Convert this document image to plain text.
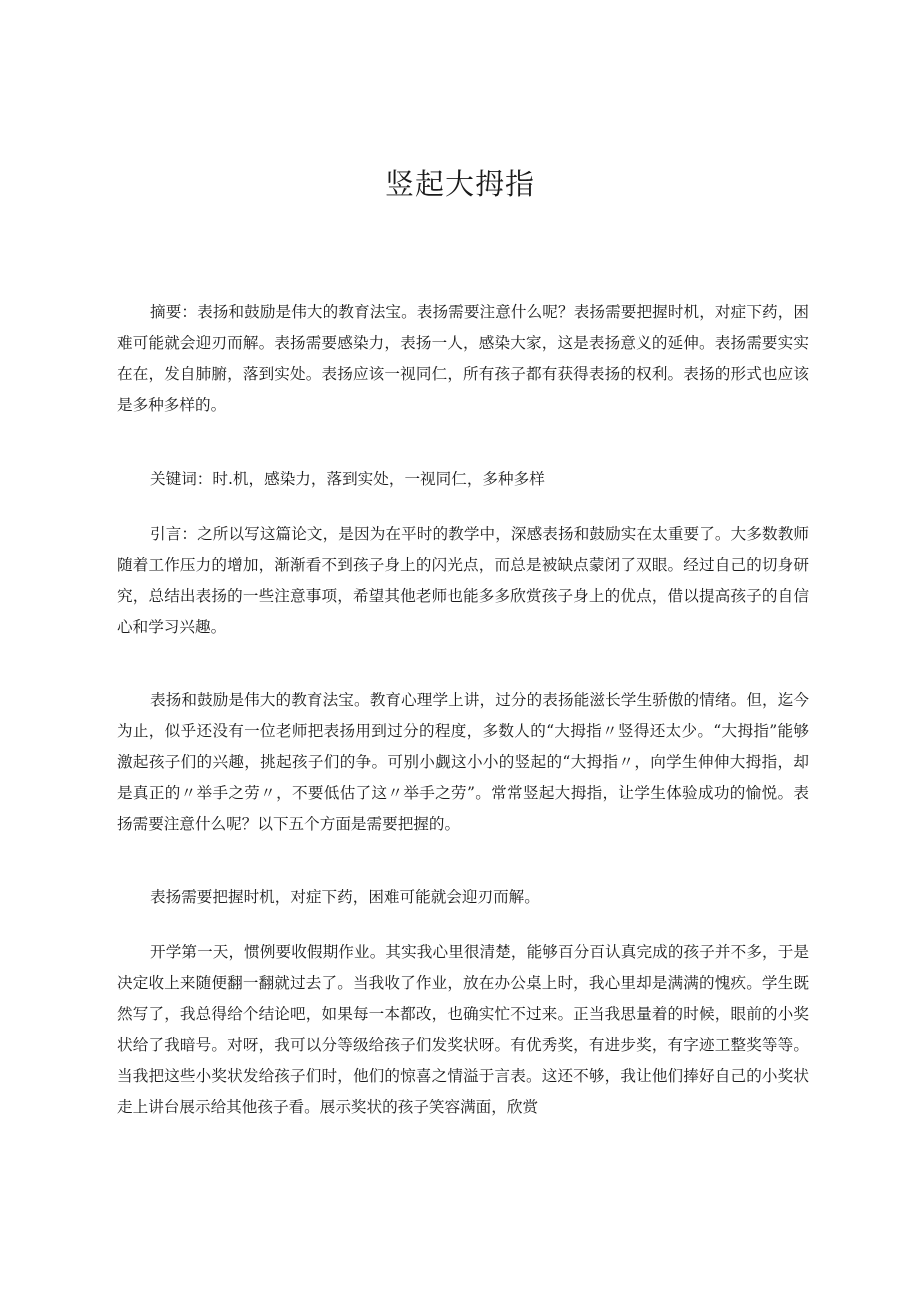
竖起大拇指

摘要：表扬和鼓励是伟大的教育法宝。表扬需要注意什么呢？表扬需要把握时机，对症下药，困难可能就会迎刃而解。表扬需要感染力，表扬一人，感染大家，这是表扬意义的延伸。表扬需要实实在在，发自肺腑，落到实处。表扬应该一视同仁，所有孩子都有获得表扬的权利。表扬的形式也应该是多种多样的。

关键词：时.机，感染力，落到实处，一视同仁，多种多样

引言：之所以写这篇论文，是因为在平时的教学中，深感表扬和鼓励实在太重要了。大多数教师随着工作压力的增加，渐渐看不到孩子身上的闪光点，而总是被缺点蒙闭了双眼。经过自己的切身研究，总结出表扬的一些注意事项，希望其他老师也能多多欣赏孩子身上的优点，借以提高孩子的自信心和学习兴趣。

表扬和鼓励是伟大的教育法宝。教育心理学上讲，过分的表扬能滋长学生骄傲的情绪。但，迄今为止，似乎还没有一位老师把表扬用到过分的程度，多数人的“大拇指〃竖得还太少。“大拇指”能够激起孩子们的兴趣，挑起孩子们的争。可别小觑这小小的竖起的“大拇指〃，向学生伸伸大拇指，却是真正的〃举手之劳〃，不要低估了这〃举手之劳”。常常竖起大拇指，让学生体验成功的愉悦。表扬需要注意什么呢？以下五个方面是需要把握的。

表扬需要把握时机，对症下药，困难可能就会迎刃而解。

开学第一天，惯例要收假期作业。其实我心里很清楚，能够百分百认真完成的孩子并不多，于是决定收上来随便翻一翻就过去了。当我收了作业，放在办公桌上时，我心里却是满满的愧疚。学生既然写了，我总得给个结论吧，如果每一本都改，也确实忙不过来。正当我思量着的时候，眼前的小奖状给了我暗号。对呀，我可以分等级给孩子们发奖状呀。有优秀奖，有进步奖，有字迹工整奖等等。当我把这些小奖状发给孩子们时，他们的惊喜之情溢于言表。这还不够，我让他们捧好自己的小奖状走上讲台展示给其他孩子看。展示奖状的孩子笑容满面，欣赏
